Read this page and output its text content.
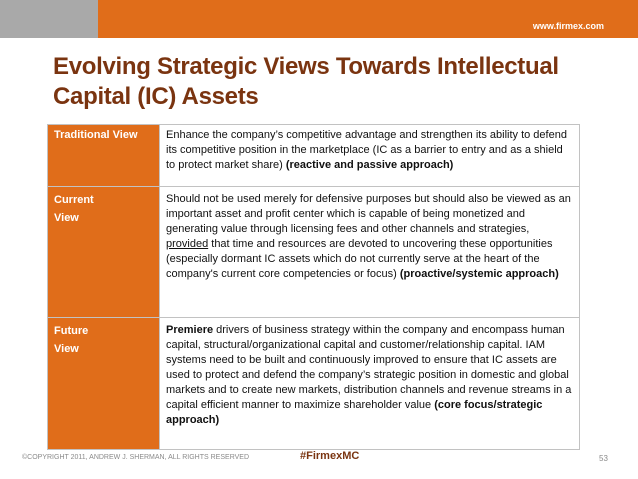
www.firmex.com
Evolving Strategic Views Towards Intellectual
Capital (IC) Assets
Traditional View	Enhance the company’s competitive advantage and strengthen its ability to defend its competitive position in the marketplace (IC as a barrier to entry and as a shield to protect market share) (reactive and passive approach)

Current
View	Should not be used merely for defensive purposes but should also be viewed as an important asset and profit center which is capable of being monetized and generating value through licensing fees and other channels and strategies, provided that time and resources are devoted to uncovering these opportunities (especially dormant IC assets which do not currently serve at the heart of the company's current core competencies or focus) (proactive/systemic approach)

Future
View	Premiere drivers of business strategy within the company and encompass human capital, structural/organizational capital and customer/relationship capital. IAM systems need to be built and continuously improved to ensure that IC assets are used to protect and defend the company’s strategic position in domestic and global markets and to create new markets, distribution channels and revenue streams in a capital efficient manner to maximize shareholder value (core focus/strategic approach)
©COPYRIGHT 2011, ANDREW J. SHERMAN, ALL RIGHTS RESERVED	#FirmexMC	53
